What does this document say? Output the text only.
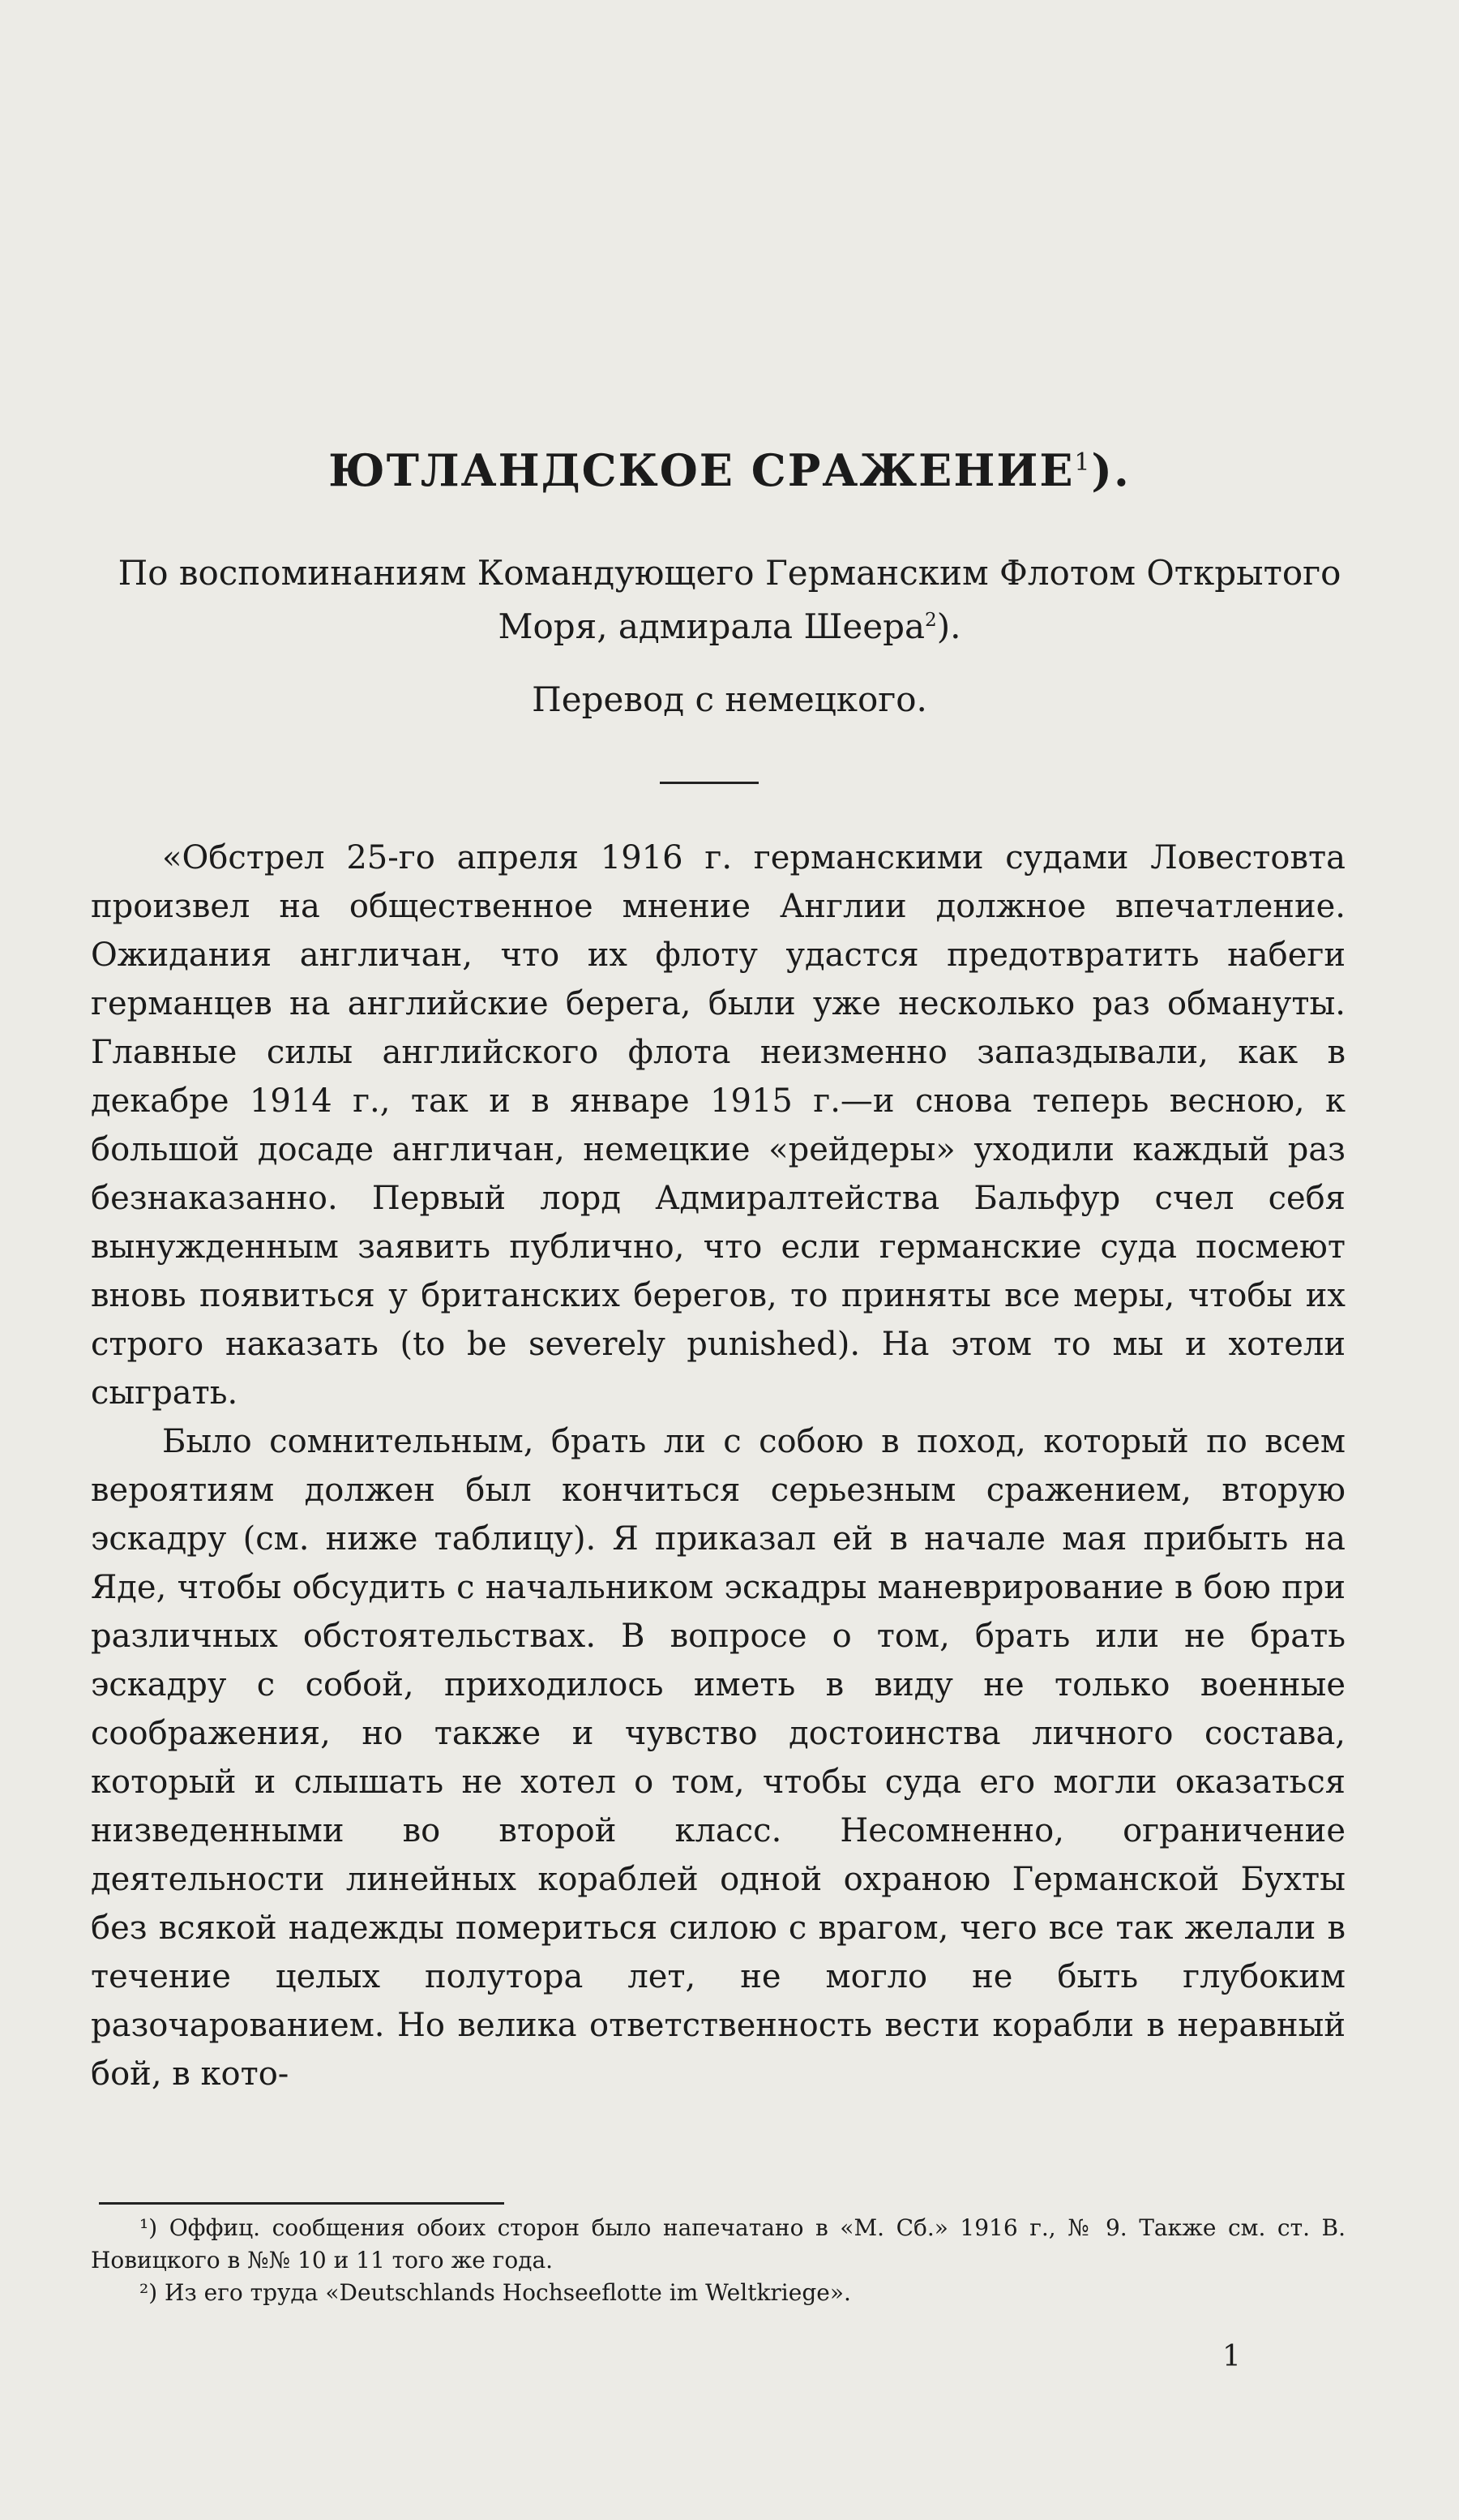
ЮТЛАНДСКОЕ СРАЖЕНИЕ$^1$).
По воспоминаниям Командующего Германским Флотом Открытого
Моря, адмирала Шеера$^2$).
Перевод с немецкого.

«Обстрел 25-го апреля 1916 г. германскими судами Ловестовта произвел на общественное мнение Англии должное впечатление. Ожидания англичан, что их флоту удастся предотвратить набеги германцев на английские берега, были уже несколько раз обмануты. Главные силы английского флота неизменно запаздывали, как в декабре 1914 г., так и в январе 1915 г.—и снова теперь весною, к большой досаде англичан, немецкие «рейдеры» уходили каждый раз безнаказанно. Первый лорд Адмиралтейства Бальфур счел себя вынужденным заявить публично, что если германские суда посмеют вновь появиться у британских берегов, то приняты все меры, чтобы их строго наказать (to be severely punished). На этом то мы и хотели сыграть.

Было сомнительным, брать ли с собою в поход, который по всем вероятиям должен был кончиться серьезным сражением, вторую эскадру (см. ниже таблицу). Я приказал ей в начале мая прибыть на Яде, чтобы обсудить с начальником эскадры маневрирование в бою при различных обстоятельствах. В вопросе о том, брать или не брать эскадру с собой, приходилось иметь в виду не только военные соображения, но также и чувство достоинства личного состава, который и слышать не хотел о том, чтобы суда его могли оказаться низведенными во второй класс. Несомненно, ограничение деятельности линейных кораблей одной охраною Германской Бухты без всякой надежды помериться силою с врагом, чего все так желали в течение целых полутора лет, не могло не быть глубоким разочарованием. Но велика ответственность вести корабли в неравный бой, в кото-

¹) Оффиц. сообщения обоих сторон было напечатано в «М. Сб.» 1916 г., № 9. Также см. ст. В. Новицкого в №№ 10 и 11 того же года.

²) Из его труда «Deutschlands Hochseeflotte im Weltkriege».

1
